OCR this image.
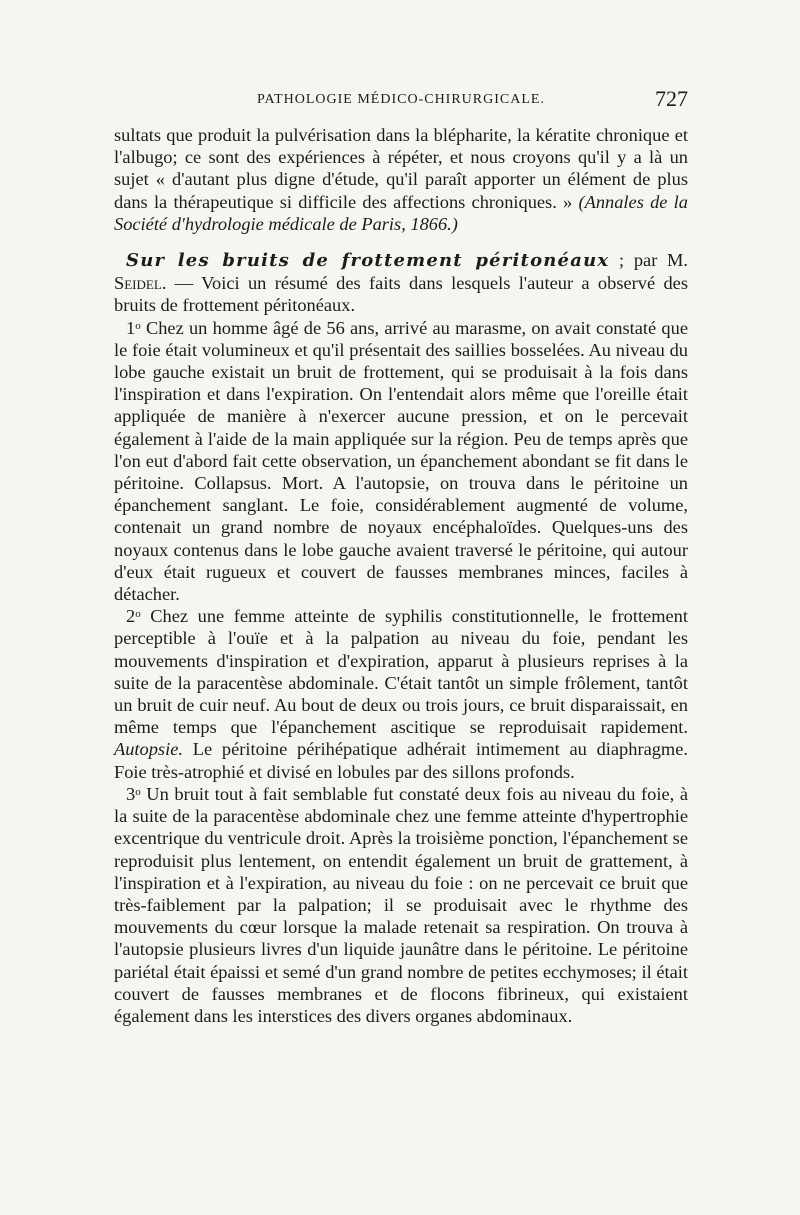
PATHOLOGIE MÉDICO-CHIRURGICALE.	727

sultats que produit la pulvérisation dans la blépharite, la kératite chronique et l'albugo; ce sont des expériences à répéter, et nous croyons qu'il y a là un sujet « d'autant plus digne d'étude, qu'il paraît apporter un élément de plus dans la thérapeutique si difficile des affections chroniques. » (Annales de la Société d'hydrologie médicale de Paris, 1866.)

Sur les bruits de frottement péritonéaux ; par M. Seidel. — Voici un résumé des faits dans lesquels l'auteur a observé des bruits de frottement péritonéaux.

1$^o$ Chez un homme âgé de 56 ans, arrivé au marasme, on avait constaté que le foie était volumineux et qu'il présentait des saillies bosselées. Au niveau du lobe gauche existait un bruit de frottement, qui se produisait à la fois dans l'inspiration et dans l'expiration. On l'entendait alors même que l'oreille était appliquée de manière à n'exercer aucune pression, et on le percevait également à l'aide de la main appliquée sur la région. Peu de temps après que l'on eut d'abord fait cette observation, un épanchement abondant se fit dans le péritoine. Collapsus. Mort. A l'autopsie, on trouva dans le péritoine un épanchement sanglant. Le foie, considérablement augmenté de volume, contenait un grand nombre de noyaux encéphaloïdes. Quelques-uns des noyaux contenus dans le lobe gauche avaient traversé le péritoine, qui autour d'eux était rugueux et couvert de fausses membranes minces, faciles à détacher.

2$^o$ Chez une femme atteinte de syphilis constitutionnelle, le frottement perceptible à l'ouïe et à la palpation au niveau du foie, pendant les mouvements d'inspiration et d'expiration, apparut à plusieurs reprises à la suite de la paracentèse abdominale. C'était tantôt un simple frôlement, tantôt un bruit de cuir neuf. Au bout de deux ou trois jours, ce bruit disparaissait, en même temps que l'épanchement ascitique se reproduisait rapidement. Autopsie. Le péritoine périhépatique adhérait intimement au diaphragme. Foie très-atrophié et divisé en lobules par des sillons profonds.

3$^o$ Un bruit tout à fait semblable fut constaté deux fois au niveau du foie, à la suite de la paracentèse abdominale chez une femme atteinte d'hypertrophie excentrique du ventricule droit. Après la troisième ponction, l'épanchement se reproduisit plus lentement, on entendit également un bruit de grattement, à l'inspiration et à l'expiration, au niveau du foie : on ne percevait ce bruit que très-faiblement par la palpation; il se produisait avec le rhythme des mouvements du cœur lorsque la malade retenait sa respiration. On trouva à l'autopsie plusieurs livres d'un liquide jaunâtre dans le péritoine. Le péritoine pariétal était épaissi et semé d'un grand nombre de petites ecchymoses; il était couvert de fausses membranes et de flocons fibrineux, qui existaient également dans les interstices des divers organes abdominaux.
